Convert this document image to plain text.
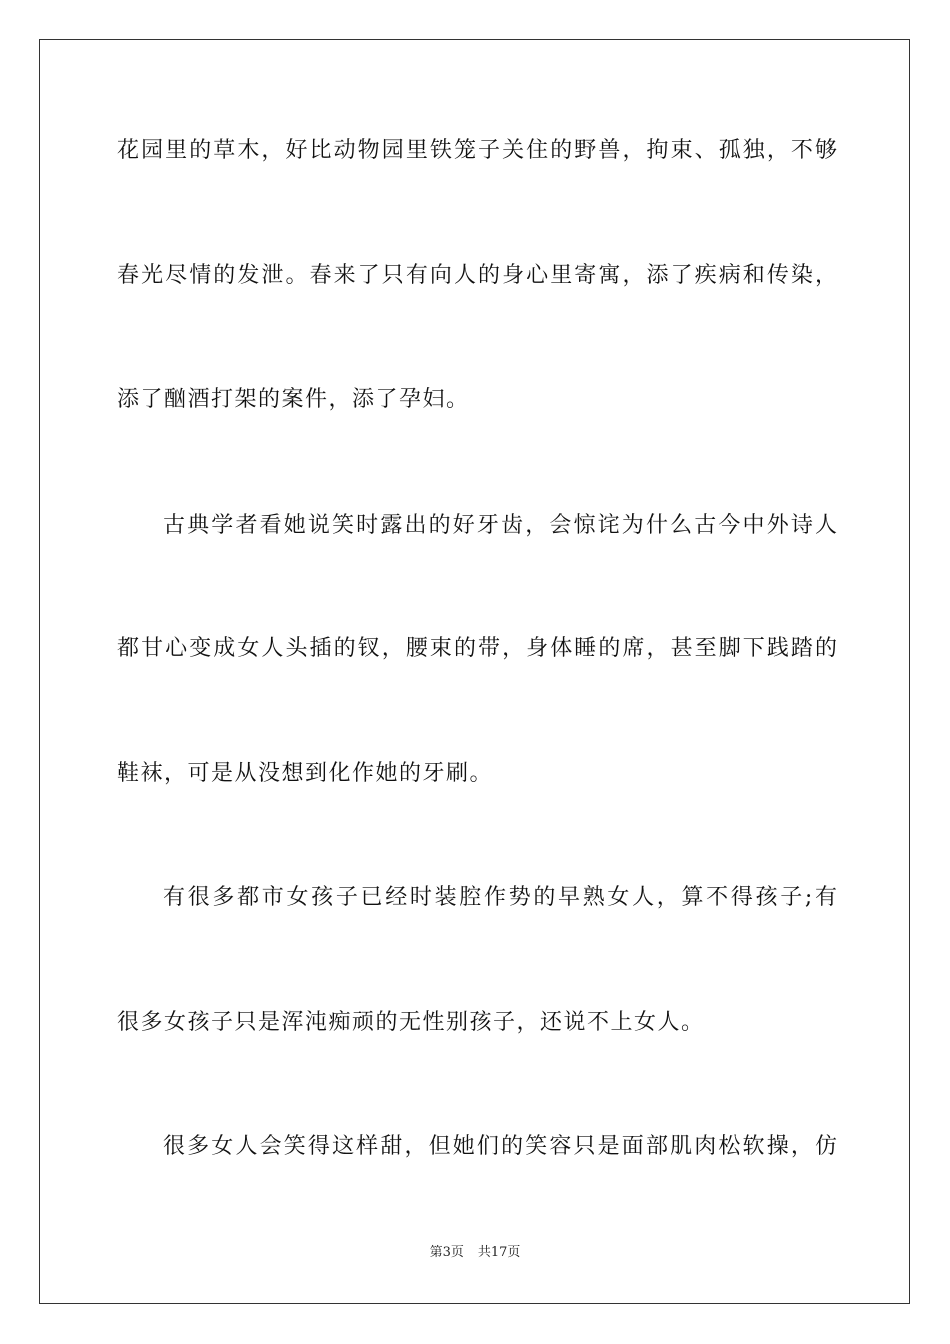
花园里的草木，好比动物园里铁笼子关住的野兽，拘束、孤独，不够
春光尽情的发泄。春来了只有向人的身心里寄寓，添了疾病和传染，
添了酗酒打架的案件，添了孕妇。
古典学者看她说笑时露出的好牙齿，会惊诧为什么古今中外诗人
都甘心变成女人头插的钗，腰束的带，身体睡的席，甚至脚下践踏的
鞋袜，可是从没想到化作她的牙刷。
有很多都市女孩子已经时装腔作势的早熟女人，算不得孩子;有
很多女孩子只是浑沌痴顽的无性别孩子，还说不上女人。
很多女人会笑得这样甜，但她们的笑容只是面部肌肉松软操，仿
第3页 共17页
